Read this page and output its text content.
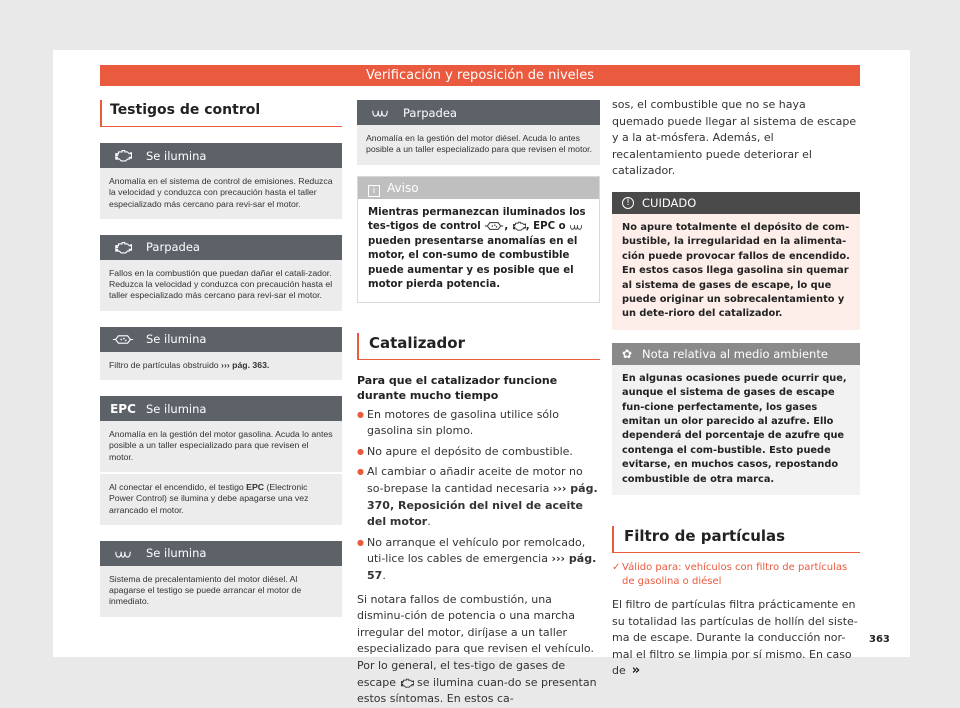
Verificación y reposición de niveles
Testigos de control
Se ilumina
Anomalía en el sistema de control de emisiones. Reduzca la velocidad y conduzca con precaución hasta el taller especializado más cercano para revi-sar el motor.
Parpadea
Fallos en la combustión que puedan dañar el catali-zador. Reduzca la velocidad y conduzca con precaución hasta el taller especializado más cercano para revi-sar el motor.
Se ilumina
Filtro de partículas obstruido ››› pág. 363.
EPC Se ilumina
Anomalía en la gestión del motor gasolina. Acuda lo antes posible a un taller especializado para que revisen el motor.
Al conectar el encendido, el testigo EPC (Electronic Power Control) se ilumina y debe apagarse una vez arrancado el motor.
Se ilumina
Sistema de precalentamiento del motor diésel. Al apagarse el testigo se puede arrancar el motor de inmediato.
Parpadea
Anomalía en la gestión del motor diésel. Acuda lo antes posible a un taller especializado para que revisen el motor.
i Aviso
Mientras permanezcan iluminados los tes-tigos de control , , EPC o  pueden presentarse anomalías en el motor, el con-sumo de combustible puede aumentar y es posible que el motor pierda potencia.
Catalizador
Para que el catalizador funcione durante mucho tiempo
● En motores de gasolina utilice sólo gasolina sin plomo.
● No apure el depósito de combustible.
● Al cambiar o añadir aceite de motor no so-brepase la cantidad necesaria ››› pág. 370, Reposición del nivel de aceite del motor.
● No arranque el vehículo por remolcado, uti-lice los cables de emergencia ››› pág. 57.
Si notara fallos de combustión, una disminu-ción de potencia o una marcha irregular del motor, diríjase a un taller especializado para que revisen el vehículo. Por lo general, el tes-tigo de gases de escape se ilumina cuan-do se presentan estos síntomas. En estos ca-
sos, el combustible que no se haya quemado puede llegar al sistema de escape y a la at-mósfera. Además, el recalentamiento puede deteriorar el catalizador.
!	CUIDADO
No apure totalmente el depósito de com-bustible, la irregularidad en la alimenta-ción puede provocar fallos de encendido. En estos casos llega gasolina sin quemar al sistema de gases de escape, lo que puede originar un sobrecalentamiento y un dete-rioro del catalizador.
✿ Nota relativa al medio ambiente
En algunas ocasiones puede ocurrir que, aunque el sistema de gases de escape fun-cione perfectamente, los gases emitan un olor parecido al azufre. Ello dependerá del porcentaje de azufre que contenga el com-bustible. Esto puede evitarse, en muchos casos, repostando combustible de otra marca.
Filtro de partículas
✓ Válido para: vehículos con filtro de partículas de gasolina o diésel
El filtro de partículas filtra prácticamente en su totalidad las partículas de hollín del siste-ma de escape. Durante la conducción nor-mal el filtro se limpia por sí mismo. En caso de »
363
